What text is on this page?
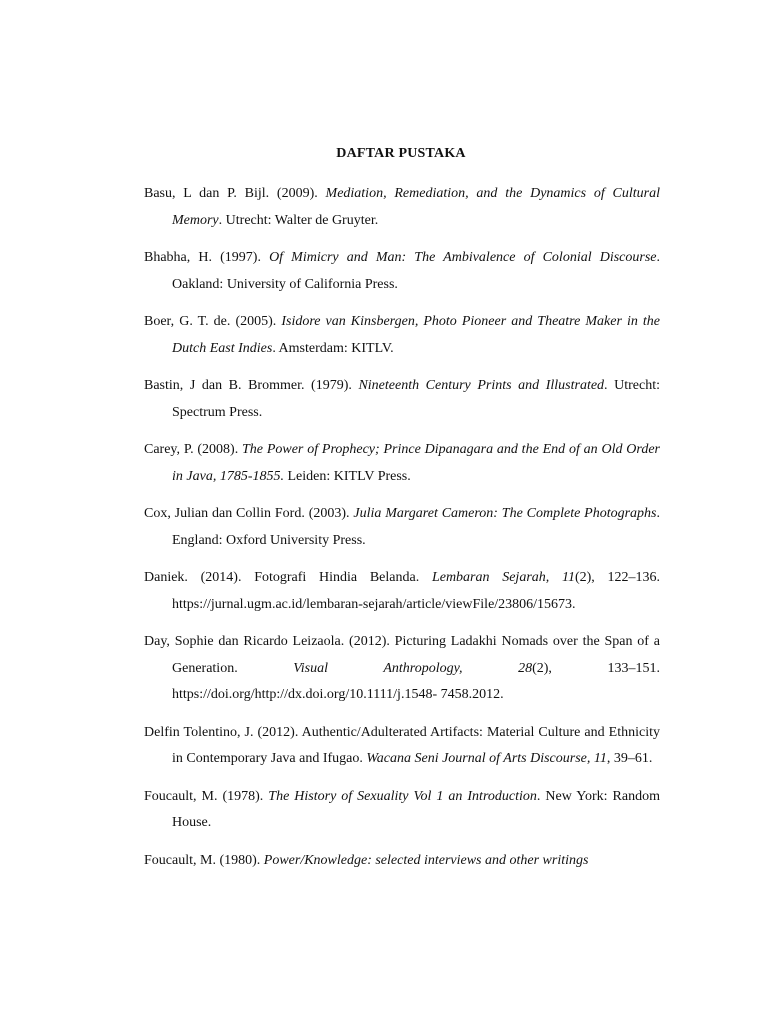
DAFTAR PUSTAKA

Basu, L dan P. Bijl. (2009). Mediation, Remediation, and the Dynamics of Cultural Memory. Utrecht: Walter de Gruyter.

Bhabha, H. (1997). Of Mimicry and Man: The Ambivalence of Colonial Discourse. Oakland: University of California Press.

Boer, G. T. de. (2005). Isidore van Kinsbergen, Photo Pioneer and Theatre Maker in the Dutch East Indies. Amsterdam: KITLV.

Bastin, J dan B. Brommer. (1979). Nineteenth Century Prints and Illustrated. Utrecht: Spectrum Press.

Carey, P. (2008). The Power of Prophecy; Prince Dipanagara and the End of an Old Order in Java, 1785-1855. Leiden: KITLV Press.

Cox, Julian dan Collin Ford. (2003). Julia Margaret Cameron: The Complete Photographs. England: Oxford University Press.

Daniek. (2014). Fotografi Hindia Belanda. Lembaran Sejarah, 11(2), 122–136. https://jurnal.ugm.ac.id/lembaran-sejarah/article/viewFile/23806/15673.

Day, Sophie dan Ricardo Leizaola. (2012). Picturing Ladakhi Nomads over the Span of a Generation. Visual Anthropology, 28(2), 133–151. https://doi.org/http://dx.doi.org/10.1111/j.1548- 7458.2012.

Delfin Tolentino, J. (2012). Authentic/Adulterated Artifacts: Material Culture and Ethnicity in Contemporary Java and Ifugao. Wacana Seni Journal of Arts Discourse, 11, 39–61.

Foucault, M. (1978). The History of Sexuality Vol 1 an Introduction. New York: Random House.

Foucault, M. (1980). Power/Knowledge: selected interviews and other writings
